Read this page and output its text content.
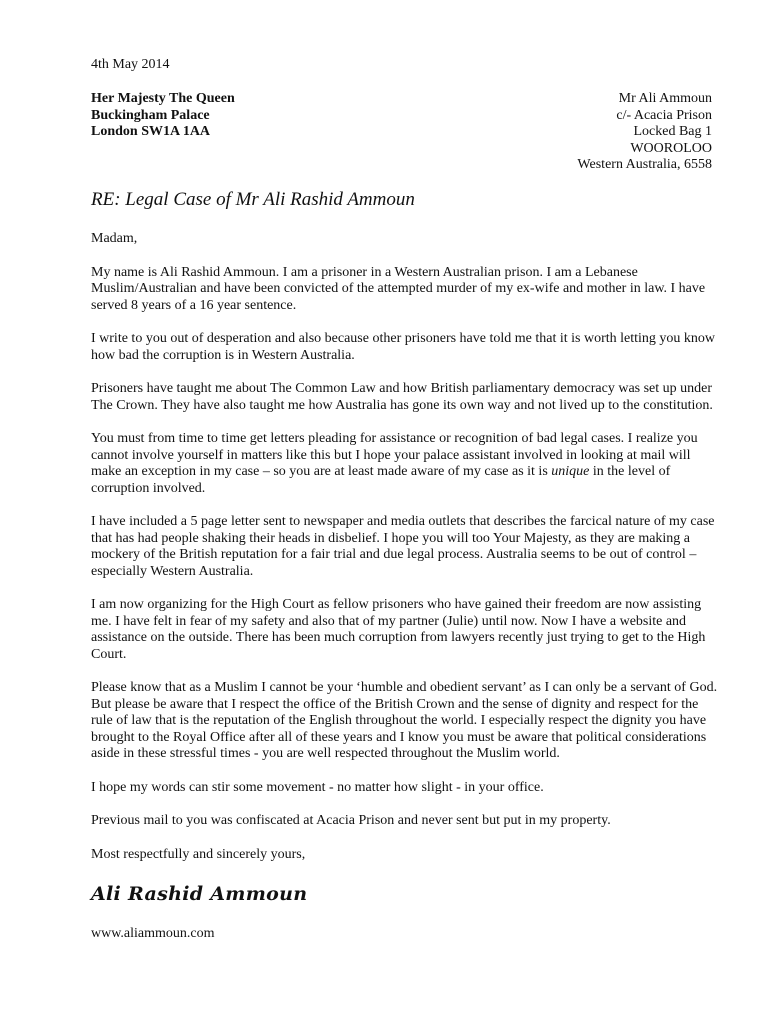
4th May 2014
Her Majesty The Queen
Buckingham Palace
London SW1A 1AA
Mr Ali Ammoun
c/- Acacia Prison
Locked Bag 1
WOOROLOO
Western Australia, 6558
RE: Legal Case of Mr Ali Rashid Ammoun

Madam,

My name is Ali Rashid Ammoun. I am a prisoner in a Western Australian prison. I am a Lebanese
Muslim/Australian and have been convicted of the attempted murder of my ex-wife and mother in law. I have
served 8 years of a 16 year sentence.

I write to you out of desperation and also because other prisoners have told me that it is worth letting you know
how bad the corruption is in Western Australia.

Prisoners have taught me about The Common Law and how British parliamentary democracy was set up under
The Crown. They have also taught me how Australia has gone its own way and not lived up to the constitution.

You must from time to time get letters pleading for assistance or recognition of bad legal cases. I realize you
cannot involve yourself in matters like this but I hope your palace assistant involved in looking at mail will
make an exception in my case – so you are at least made aware of my case as it is unique in the level of
corruption involved.

I have included a 5 page letter sent to newspaper and media outlets that describes the farcical nature of my case
that has had people shaking their heads in disbelief. I hope you will too Your Majesty, as they are making a
mockery of the British reputation for a fair trial and due legal process. Australia seems to be out of control –
especially Western Australia.

I am now organizing for the High Court as fellow prisoners who have gained their freedom are now assisting
me. I have felt in fear of my safety and also that of my partner (Julie) until now. Now I have a website and
assistance on the outside. There has been much corruption from lawyers recently just trying to get to the High
Court.

Please know that as a Muslim I cannot be your ‘humble and obedient servant’ as I can only be a servant of God.
But please be aware that I respect the office of the British Crown and the sense of dignity and respect for the
rule of law that is the reputation of the English throughout the world. I especially respect the dignity you have
brought to the Royal Office after all of these years and I know you must be aware that political considerations
aside in these stressful times - you are well respected throughout the Muslim world.

I hope my words can stir some movement - no matter how slight - in your office.

Previous mail to you was confiscated at Acacia Prison and never sent but put in my property.

Most respectfully and sincerely yours,

Ali Rashid Ammoun
www.aliammoun.com
